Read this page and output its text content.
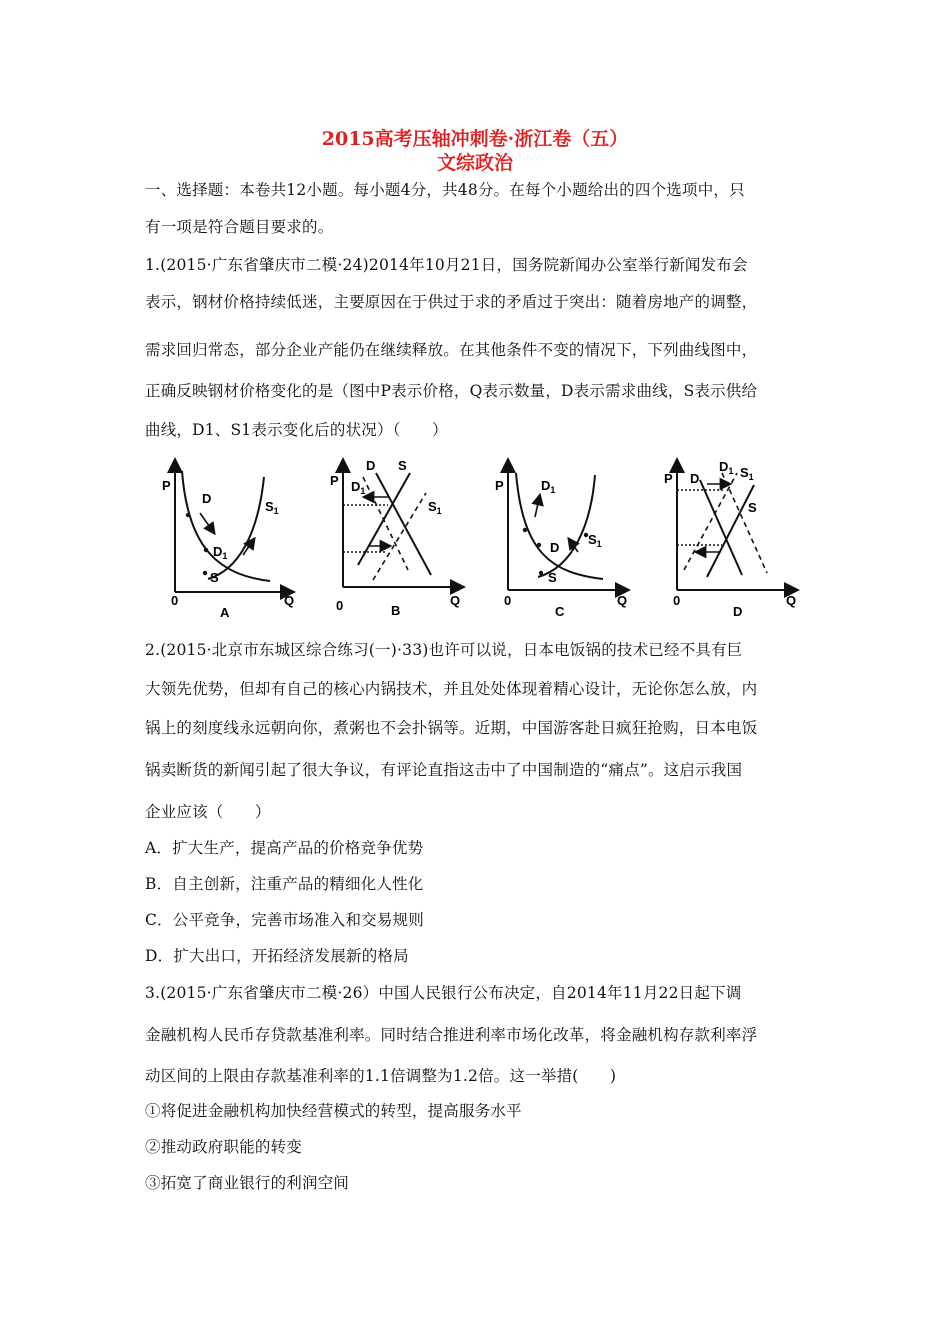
2015高考压轴冲刺卷·浙江卷（五）
文综政治
一、选择题：本卷共12小题。每小题4分，共48分。在每个小题给出的四个选项中，只
有一项是符合题目要求的。
1.(2015·广东省肇庆市二模·24)2014年10月21日，国务院新闻办公室举行新闻发布会
表示，钢材价格持续低迷，主要原因在于供过于求的矛盾过于突出：随着房地产的调整，
需求回归常态，部分企业产能仍在继续释放。在其他条件不变的情况下，下列曲线图中，
正确反映钢材价格变化的是（图中P表示价格，Q表示数量，D表示需求曲线，S表示供给
曲线，D1、S1表示变化后的状况）（　　）
P
Q
0
A
D
S
$D_1$
$S_1$
P
Q
0	B
D S
$D_1$
$S_1$
P
Q
0
C
D
S
$D_1$
$S_1$
P
Q
0
D
D
S
$D_1$ $S_1$
2.(2015·北京市东城区综合练习(一)·33)也许可以说，日本电饭锅的技术已经不具有巨
大领先优势，但却有自己的核心内锅技术，并且处处体现着精心设计，无论你怎么放，内
锅上的刻度线永远朝向你，煮粥也不会扑锅等。近期，中国游客赴日疯狂抢购，日本电饭
锅卖断货的新闻引起了很大争议，有评论直指这击中了中国制造的“痛点”。这启示我国
企业应该（　　）
A．扩大生产，提高产品的价格竞争优势
B．自主创新，注重产品的精细化人性化
C．公平竞争，完善市场准入和交易规则
D．扩大出口，开拓经济发展新的格局
3.(2015·广东省肇庆市二模·26）中国人民银行公布决定，自2014年11月22日起下调
金融机构人民币存贷款基准利率。同时结合推进利率市场化改革，将金融机构存款利率浮
动区间的上限由存款基准利率的1.1倍调整为1.2倍。这一举措(　　)
①将促进金融机构加快经营模式的转型，提高服务水平
②推动政府职能的转变
③拓宽了商业银行的利润空间
